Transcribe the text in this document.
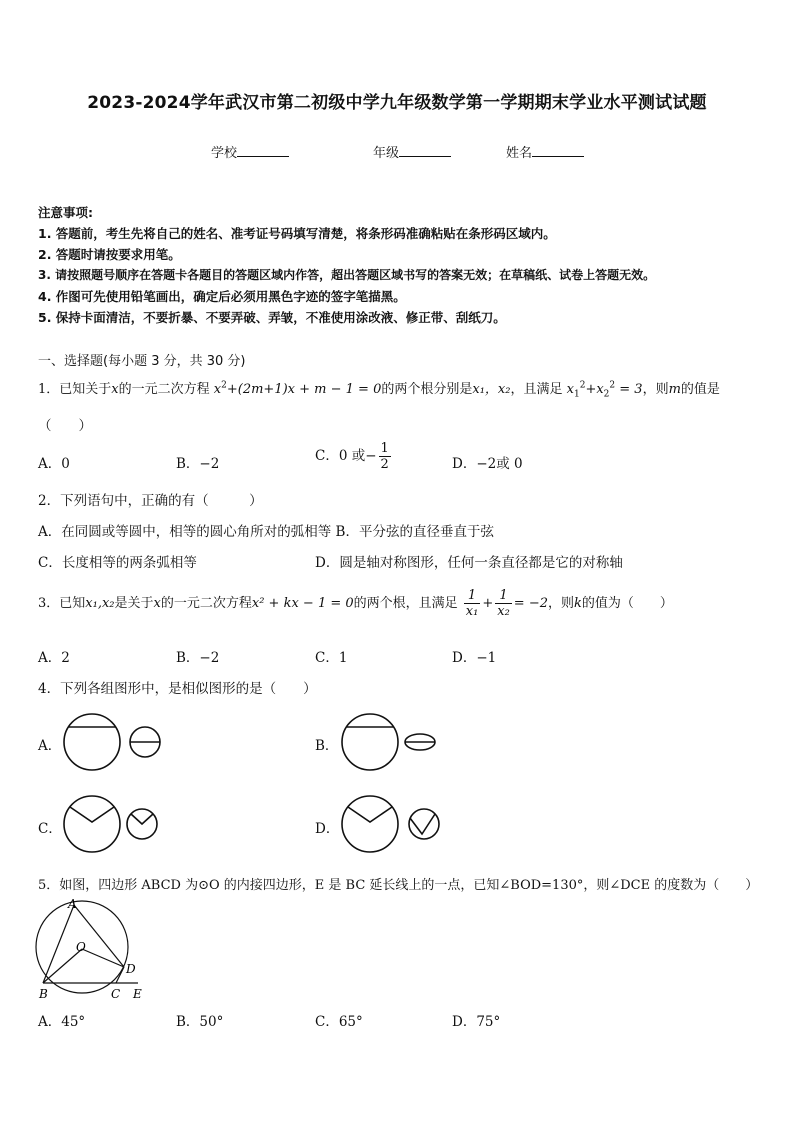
2023-2024学年武汉市第二初级中学九年级数学第一学期期末学业水平测试试题
学校	年级	姓名
注意事项:
1. 答题前，考生先将自己的姓名、准考证号码填写清楚，将条形码准确粘贴在条形码区域内。
2. 答题时请按要求用笔。
3. 请按照题号顺序在答题卡各题目的答题区域内作答，超出答题区域书写的答案无效；在草稿纸、试卷上答题无效。
4. 作图可先使用铅笔画出，确定后必须用黑色字迹的签字笔描黑。
5. 保持卡面清洁，不要折暴、不要弄破、弄皱，不准使用涂改液、修正带、刮纸刀。
一、选择题(每小题 3 分，共 30 分)
1．已知关于x的一元二次方程 $x^2+(2m+1)x + m - 1 = 0$的两个根分别是x₁，x₂，且满足 $x_1^2+x_2^2 = 3$，则m的值是
（　　）
A．0	B．−2	C．0 或− $\frac{1}{2}$	D．−2或 0
2．下列语句中，正确的有（　　　）
A．在同圆或等圆中，相等的圆心角所对的弧相等 B．平分弦的直径垂直于弦
C．长度相等的两条弧相等	D．圆是轴对称图形，任何一条直径都是它的对称轴
3．已知x₁,x₂是关于x的一元二次方程x² + kx − 1 = 0的两个根，且满足 $\frac{1}{\text{x₁}} + \frac{1}{\text{x₂}} = -2$，则k的值为（　　）
A．2	B．−2	C．1	D．−1
4．下列各组图形中，是相似图形的是（　　）
A．	B．
C．	D．
5．如图，四边形 ABCD 为⊙O 的内接四边形，E 是 BC 延长线上的一点，已知∠BOD=130°，则∠DCE 的度数为（　　）
A
O
D
B	C E
A．45°	B．50°	C．65°	D．75°
